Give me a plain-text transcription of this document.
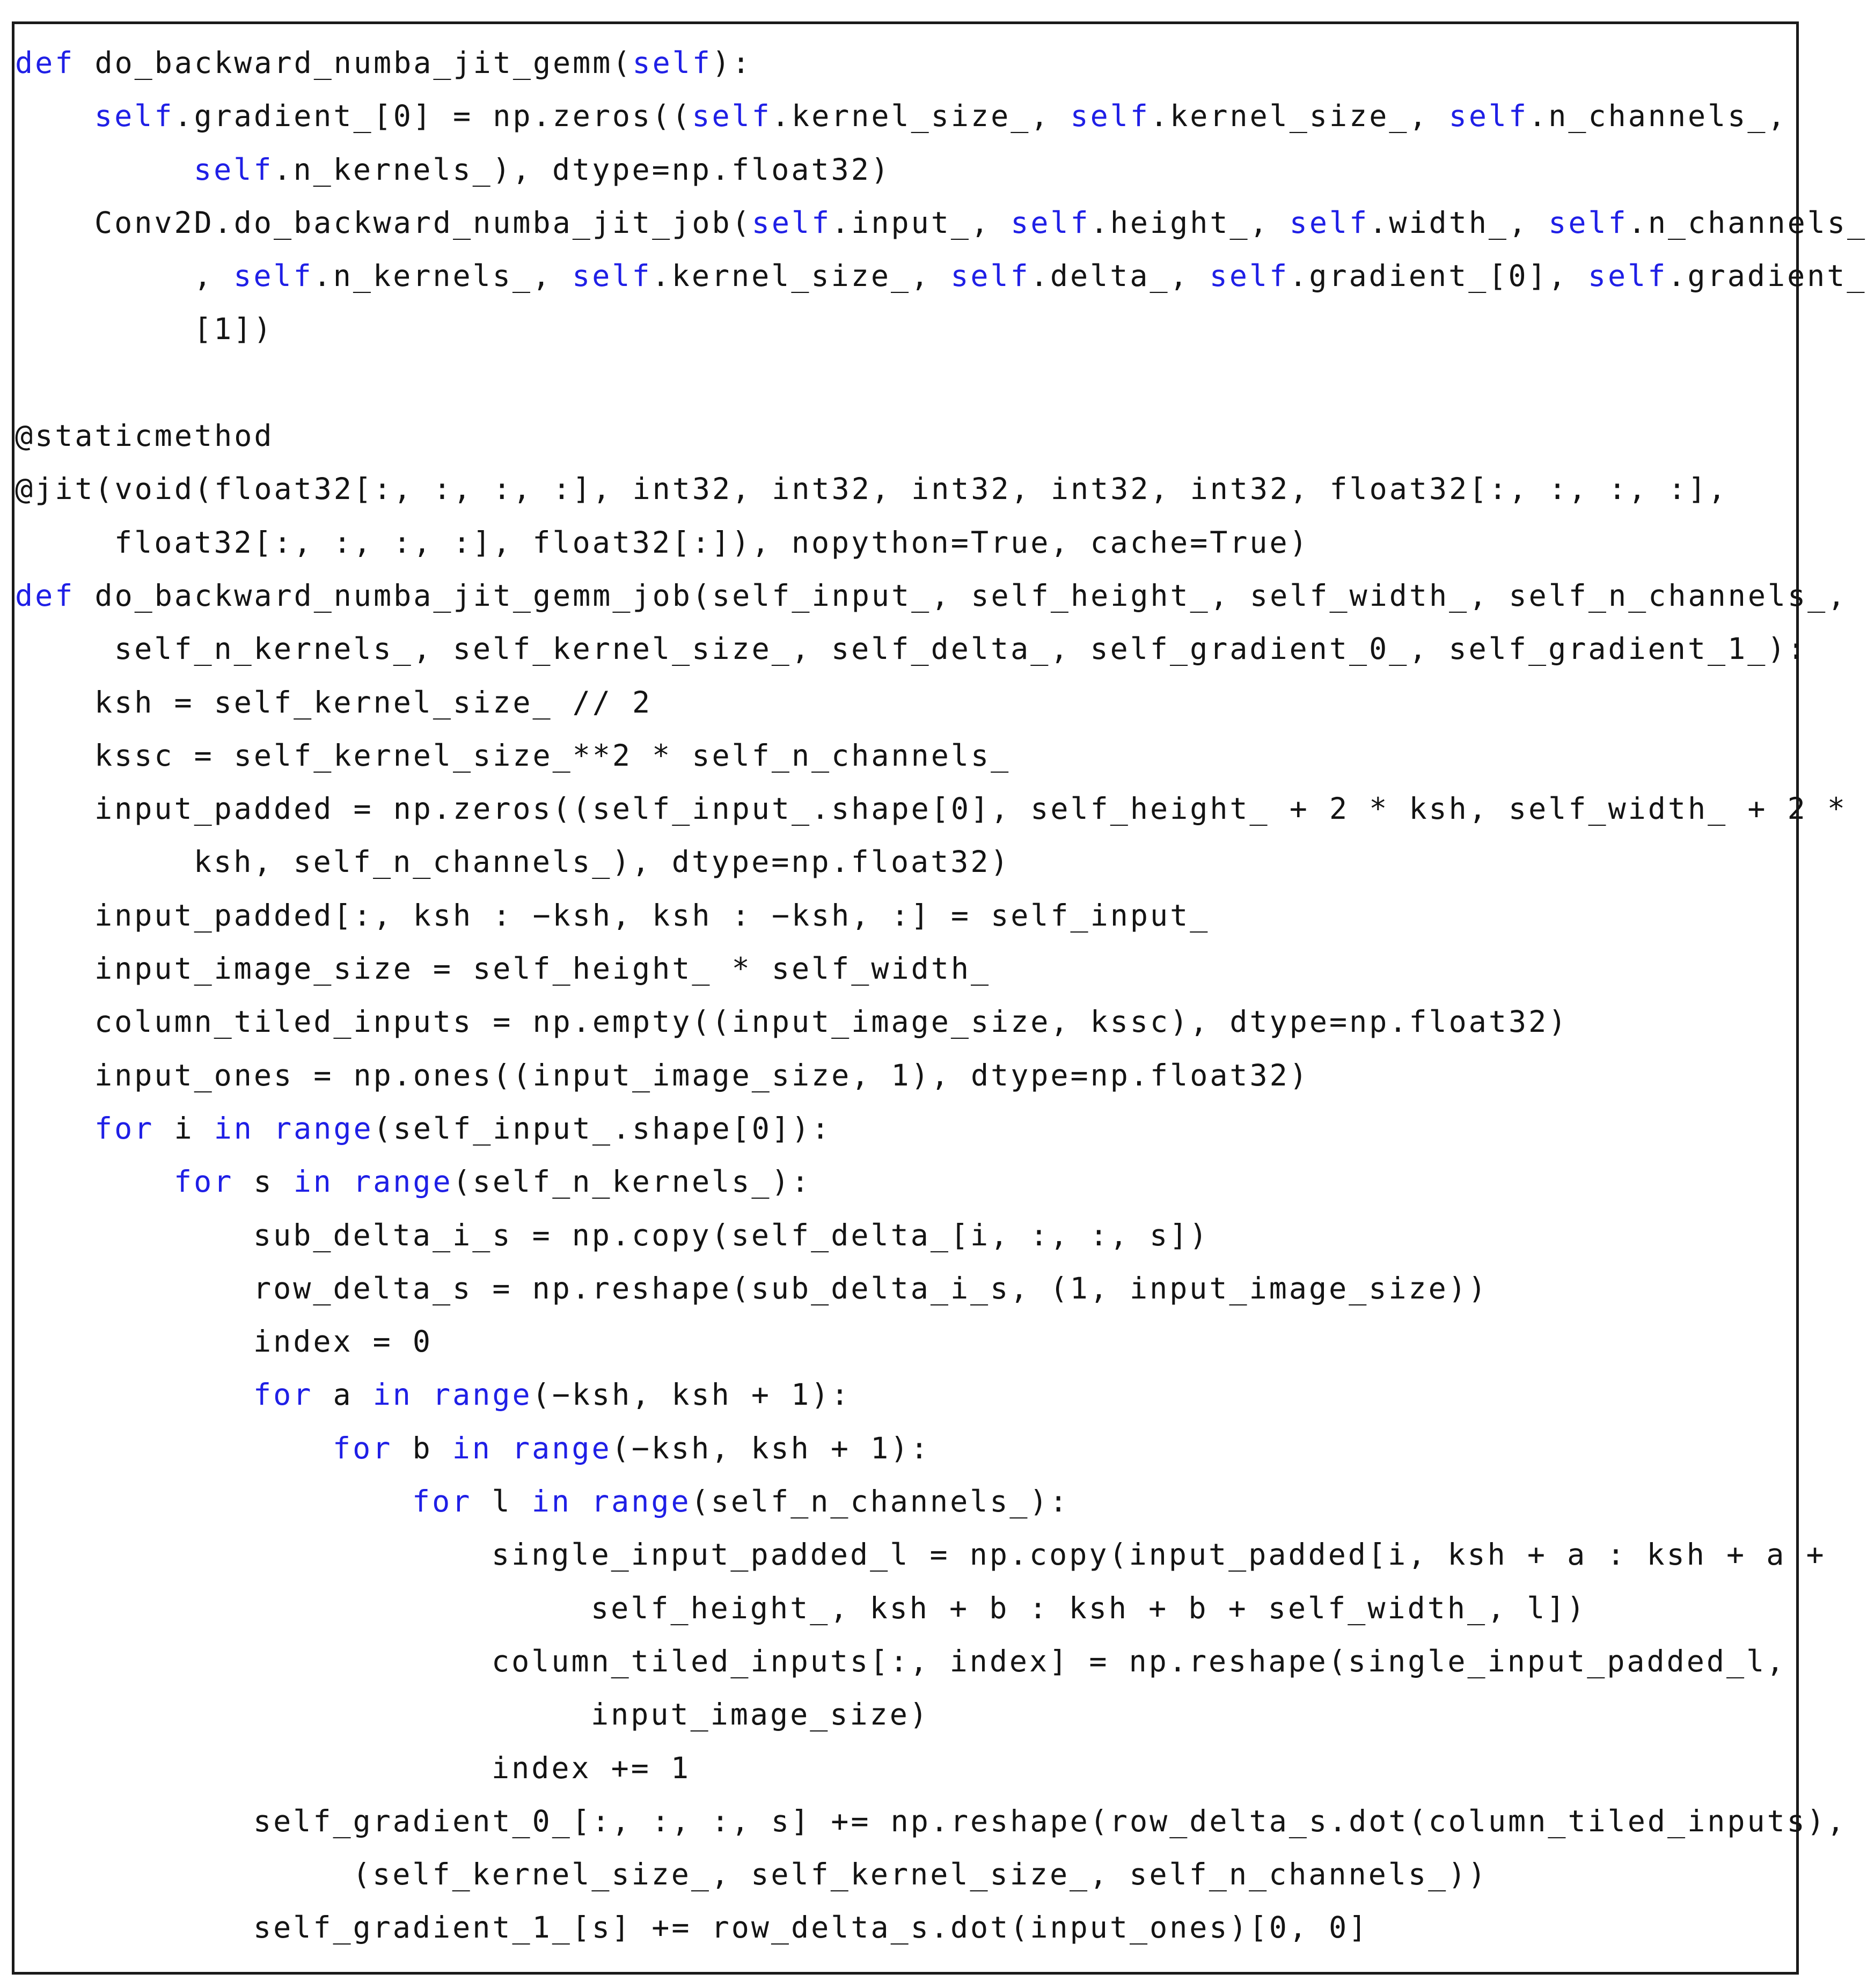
def do_backward_numba_jit_gemm(self):
self.gradient_[0] = np.zeros((self.kernel_size_, self.kernel_size_, self.n_channels_,
self.n_kernels_), dtype=np.float32)
Conv2D.do_backward_numba_jit_job(self.input_, self.height_, self.width_, self.n_channels_
, self.n_kernels_, self.kernel_size_, self.delta_, self.gradient_[0], self.gradient_
[1])

@staticmethod
@jit(void(float32[:, :, :, :], int32, int32, int32, int32, int32, float32[:, :, :, :],
float32[:, :, :, :], float32[:]), nopython=True, cache=True)
def do_backward_numba_jit_gemm_job(self_input_, self_height_, self_width_, self_n_channels_,
self_n_kernels_, self_kernel_size_, self_delta_, self_gradient_0_, self_gradient_1_):
ksh = self_kernel_size_ // 2
kssc = self_kernel_size_**2 * self_n_channels_
input_padded = np.zeros((self_input_.shape[0], self_height_ + 2 * ksh, self_width_ + 2 *
ksh, self_n_channels_), dtype=np.float32)
input_padded[:, ksh : −ksh, ksh : −ksh, :] = self_input_
input_image_size = self_height_ * self_width_
column_tiled_inputs = np.empty((input_image_size, kssc), dtype=np.float32)
input_ones = np.ones((input_image_size, 1), dtype=np.float32)
for i in range(self_input_.shape[0]):
for s in range(self_n_kernels_):
sub_delta_i_s = np.copy(self_delta_[i, :, :, s])
row_delta_s = np.reshape(sub_delta_i_s, (1, input_image_size))
index = 0
for a in range(−ksh, ksh + 1):
for b in range(−ksh, ksh + 1):
for l in range(self_n_channels_):
single_input_padded_l = np.copy(input_padded[i, ksh + a : ksh + a +
self_height_, ksh + b : ksh + b + self_width_, l])
column_tiled_inputs[:, index] = np.reshape(single_input_padded_l,
input_image_size)
index += 1
self_gradient_0_[:, :, :, s] += np.reshape(row_delta_s.dot(column_tiled_inputs),
(self_kernel_size_, self_kernel_size_, self_n_channels_))
self_gradient_1_[s] += row_delta_s.dot(input_ones)[0, 0]
